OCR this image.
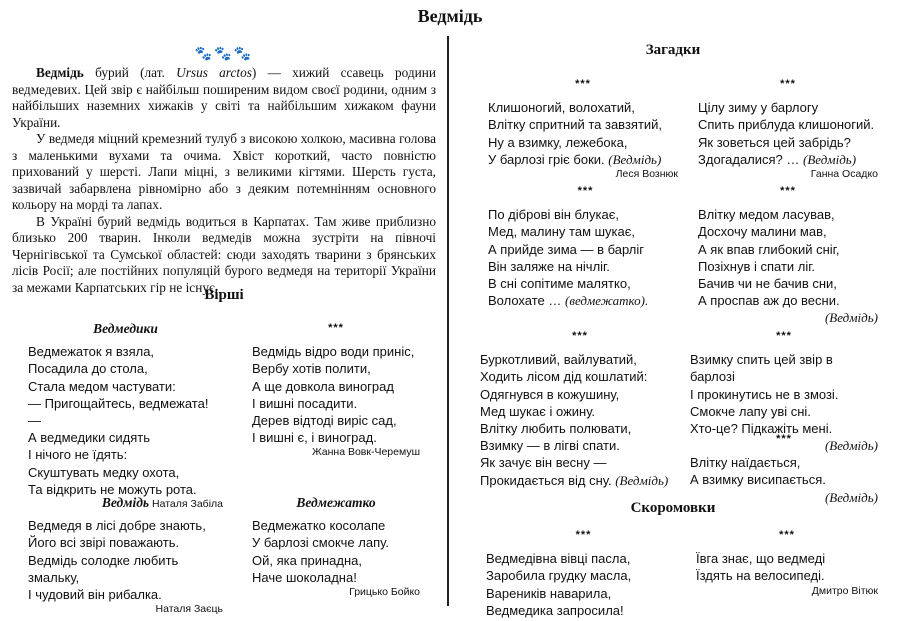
Ведмідь

🐾🐾🐾

Ведмідь бурий (лат. Ursus arctos) — хижий ссавець родини ведмедевих. Цей звір є найбільш поширеним видом своєї родини, одним з найбільших наземних хижаків у світі та найбільшим хижаком фауни України.

У ведмедя міцний кремезний тулуб з високою холкою, масивна голова з маленькими вухами та очима. Хвіст короткий, часто повністю прихований у шерсті. Лапи міцні, з великими кігтями. Шерсть густа, зазвичай забарвлена рівномірно або з деяким потемнінням основного кольору на морді та лапах.

В Україні бурий ведмідь водиться в Карпатах. Там живе приблизно близько 200 тварин. Інколи ведмедів можна зустріти на півночі Чернігівської та Сумської областей: сюди заходять тварини з брянських лісів Росії; але постійних популяцій бурого ведмедя на території України за межами Карпатських гір не існує.

Вірші
Ведмедики
Ведмежаток я взяла,
Посадила до стола,
Стала медом частувати:
— Пригощайтесь, ведмежата! —
А ведмедики сидять
І нічого не їдять:
Скуштувать медку охота,
Та відкрить не можуть рота.
Наталя Забіла
***
Ведмідь відро води приніс,
Вербу хотів полити,
А ще довкола виноград
І вишні посадити.
Дерев відтоді виріс сад,
І вишні є, і виноград.
Жанна Вовк-Черемуш
Ведмідь
Ведмедя в лісі добре знають,
Його всі звірі поважають.
Ведмідь солодке любить змальку,
І чудовий він рибалка.
Наталя Заєць
Ведмежатко
Ведмежатко косолапе
У барлозі смокче лапу.
Ой, яка принадна,
Наче шоколадна!
Грицько Бойко
Загадки
***
Клишоногий, волохатий,
Влітку спритний та завзятий,
Ну а взимку, лежебока,
У барлозі гріє боки. (Ведмідь)
Леся Вознюк
***
Цілу зиму у барлогу
Спить приблуда клишоногий.
Як зоветься цей забрідь?
Здогадалися? … (Ведмідь)
Ганна Осадко
***
По діброві він блукає,
Мед, малину там шукає,
А прийде зима — в барліг
Він заляже на нічліг.
В сні сопітиме малятко,
Волохате … (ведмежатко).
***
Влітку медом ласував,
Досхочу малини мав,
А як впав глибокий сніг,
Позіхнув і спати ліг.
Бачив чи не бачив сни,
А проспав аж до весни.
(Ведмідь)
***
Буркотливий, вайлуватий,
Ходить лісом дід кошлатий:
Одягнувся в кожушину,
Мед шукає і ожину.
Влітку любить полювати,
Взимку — в лігві спати.
Як зачує він весну —
Прокидається від сну. (Ведмідь)
***
Взимку спить цей звір в барлозі
І прокинутись не в змозі.
Смокче лапу уві сні.
Хто-це? Підкажіть мені.
(Ведмідь)
***
Влітку наїдається,
А взимку висипається.
(Ведмідь)
Скоромовки
***
Ведмедівна вівці пасла,
Заробила грудку масла,
Вареників наварила,
Ведмедика запросила!
***
Ївга знає, що ведмеді
Їздять на велосипеді.
Дмитро Вітюк
